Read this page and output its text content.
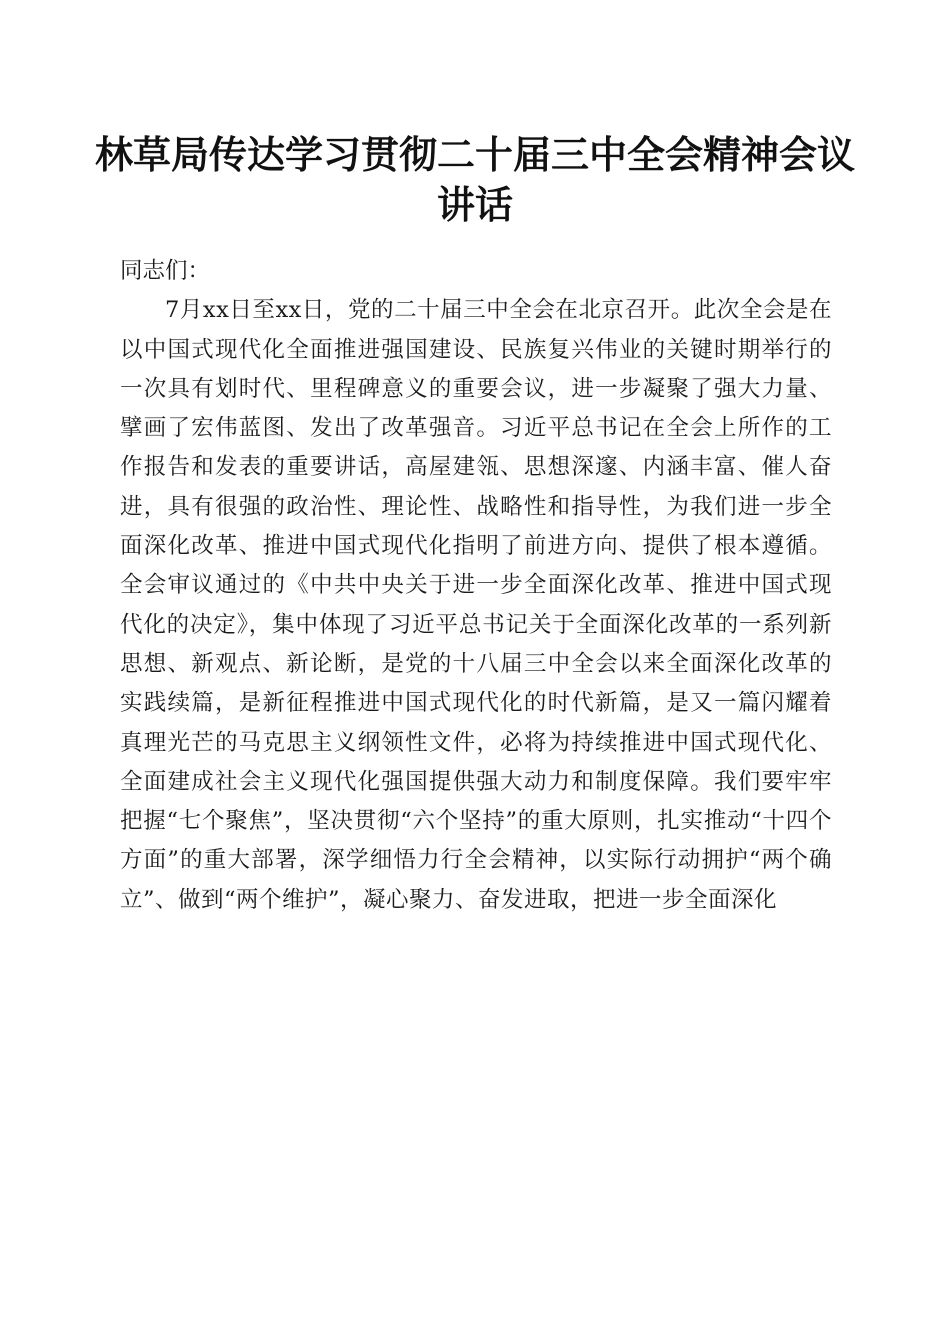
林草局传达学习贯彻二十届三中全会精神会议
讲话

同志们：

7月xx日至xx日，党的二十届三中全会在北京召开。此次全会是在以中国式现代化全面推进强国建设、民族复兴伟业的关键时期举行的一次具有划时代、里程碑意义的重要会议，进一步凝聚了强大力量、擘画了宏伟蓝图、发出了改革强音。习近平总书记在全会上所作的工作报告和发表的重要讲话，高屋建瓴、思想深邃、内涵丰富、催人奋进，具有很强的政治性、理论性、战略性和指导性，为我们进一步全面深化改革、推进中国式现代化指明了前进方向、提供了根本遵循。全会审议通过的《中共中央关于进一步全面深化改革、推进中国式现代化的决定》，集中体现了习近平总书记关于全面深化改革的一系列新思想、新观点、新论断，是党的十八届三中全会以来全面深化改革的实践续篇，是新征程推进中国式现代化的时代新篇，是又一篇闪耀着真理光芒的马克思主义纲领性文件，必将为持续推进中国式现代化、全面建成社会主义现代化强国提供强大动力和制度保障。我们要牢牢把握“七个聚焦”，坚决贯彻“六个坚持”的重大原则，扎实推动“十四个方面”的重大部署，深学细悟力行全会精神，以实际行动拥护“两个确立”、做到“两个维护”，凝心聚力、奋发进取，把进一步全面深化
